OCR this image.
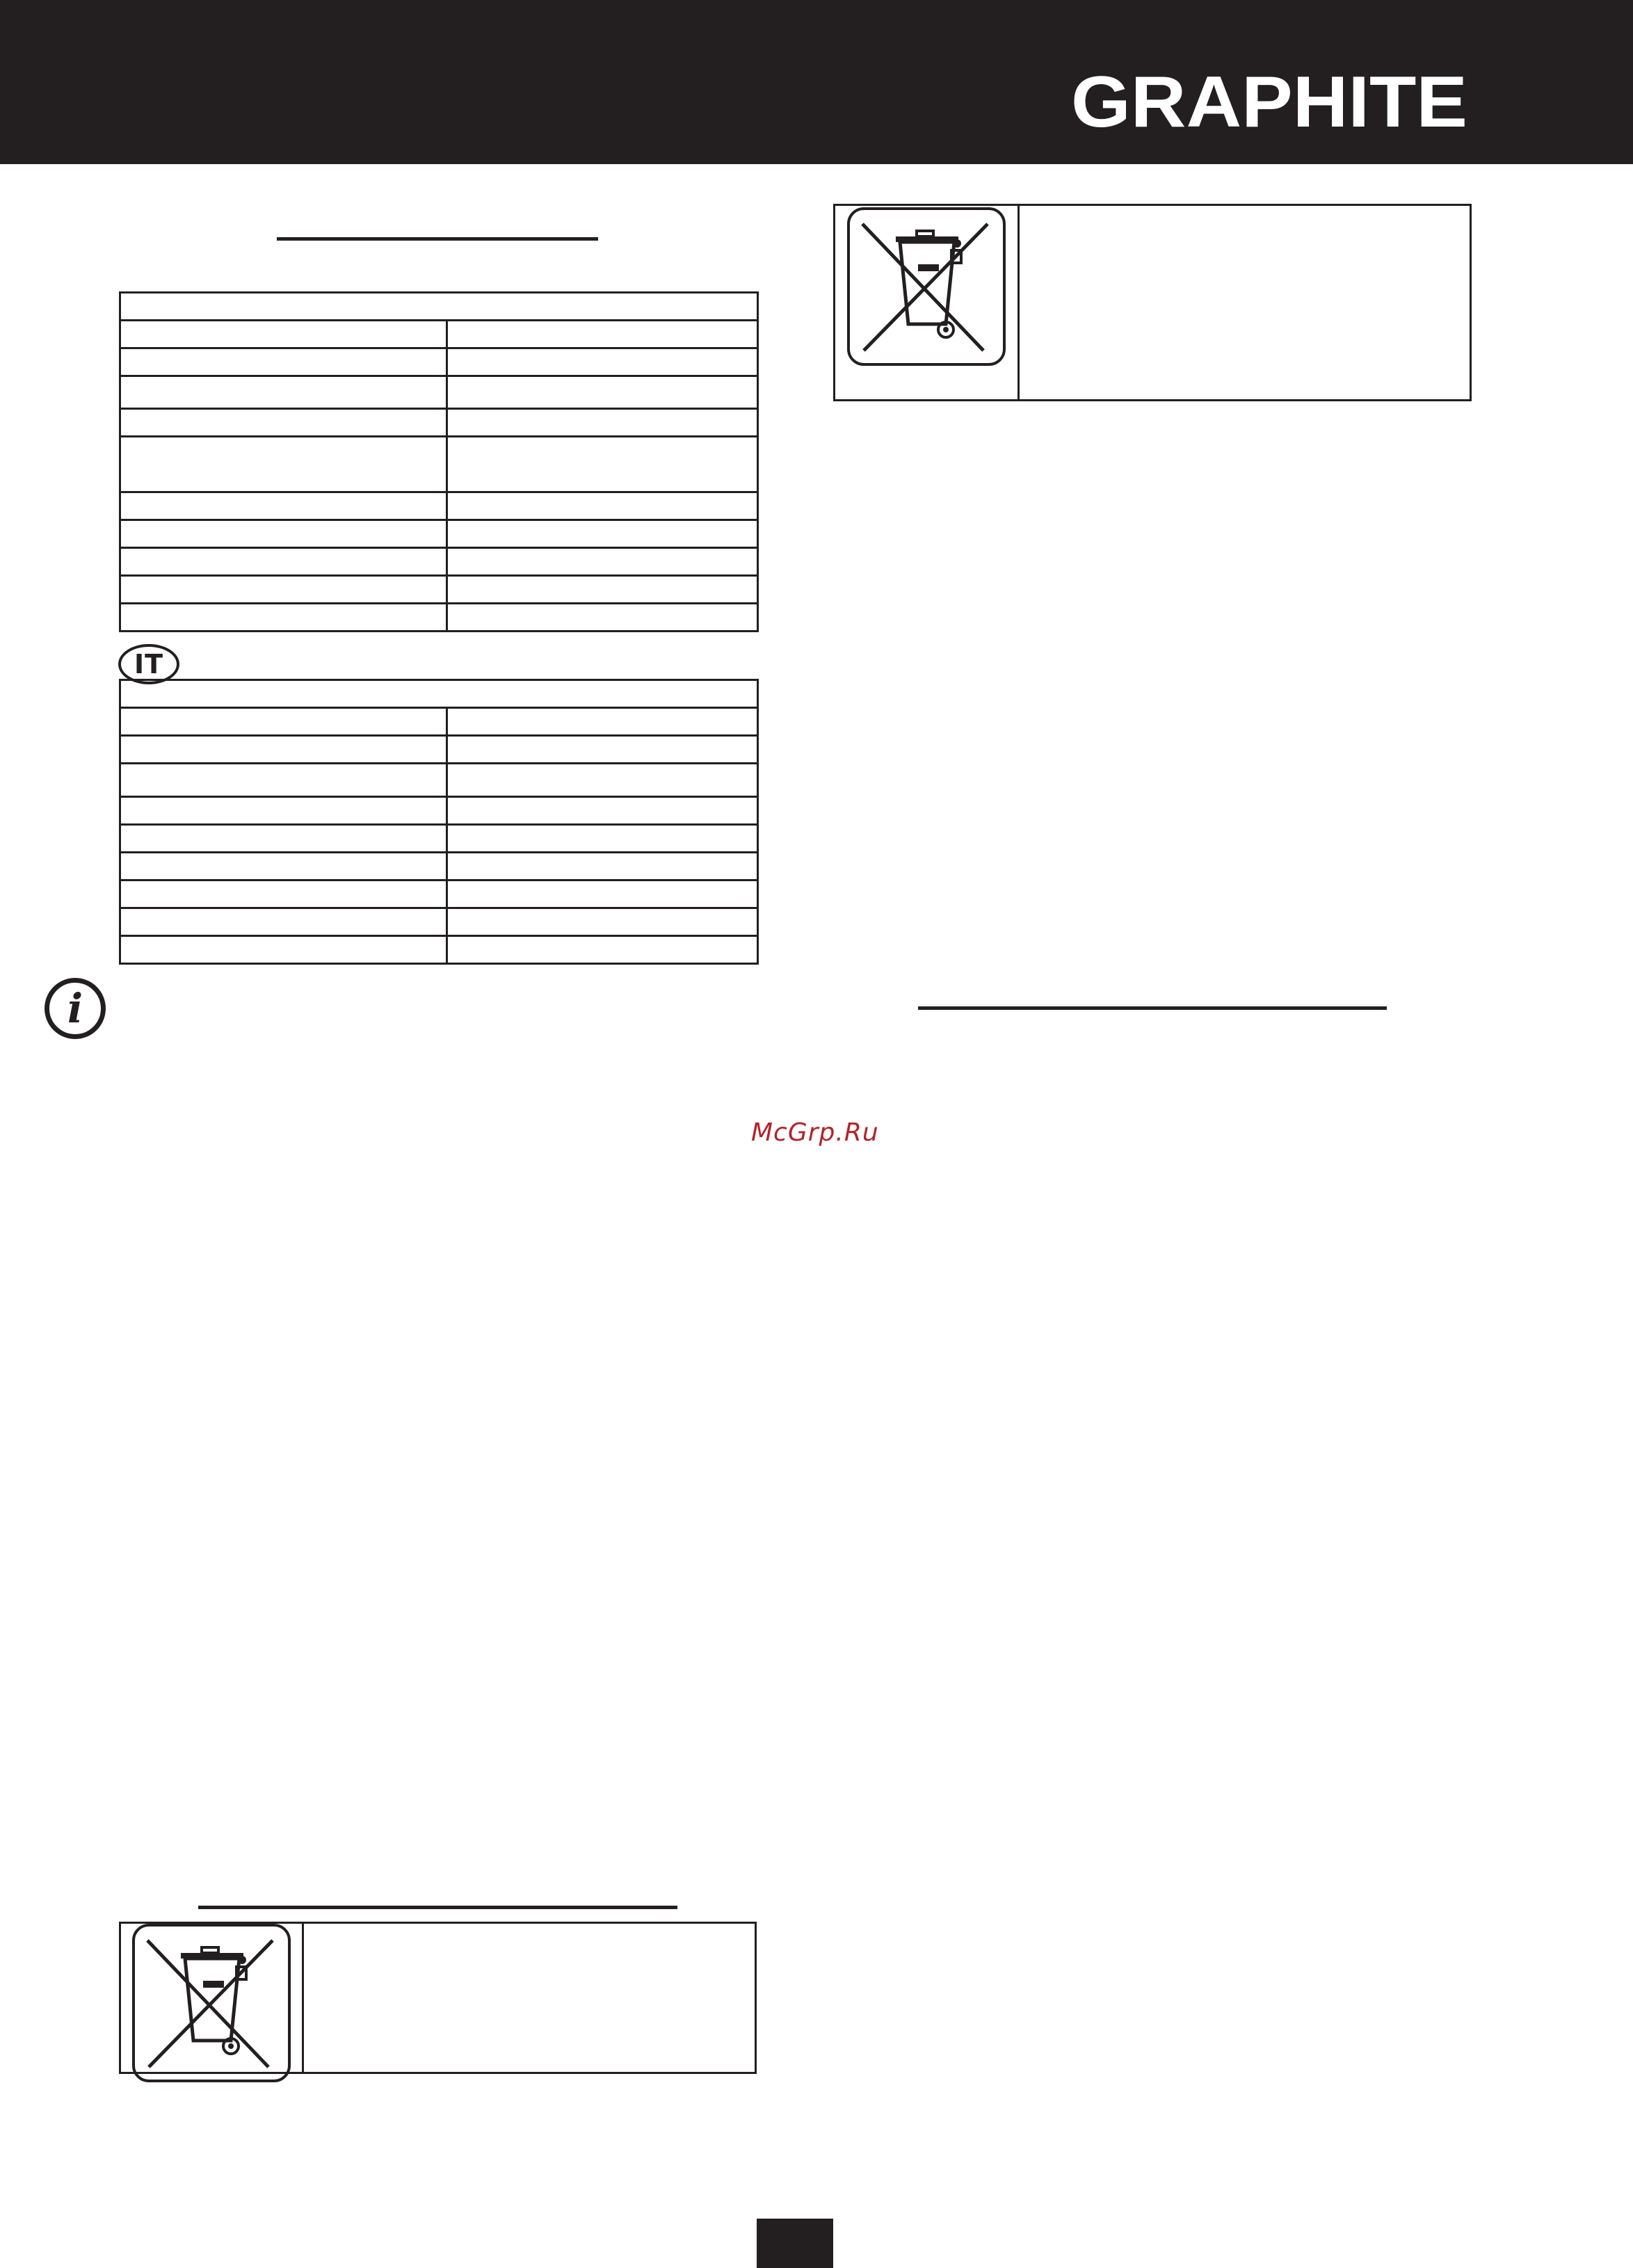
GRAPHITE

IT

i
McGrp.Ru
